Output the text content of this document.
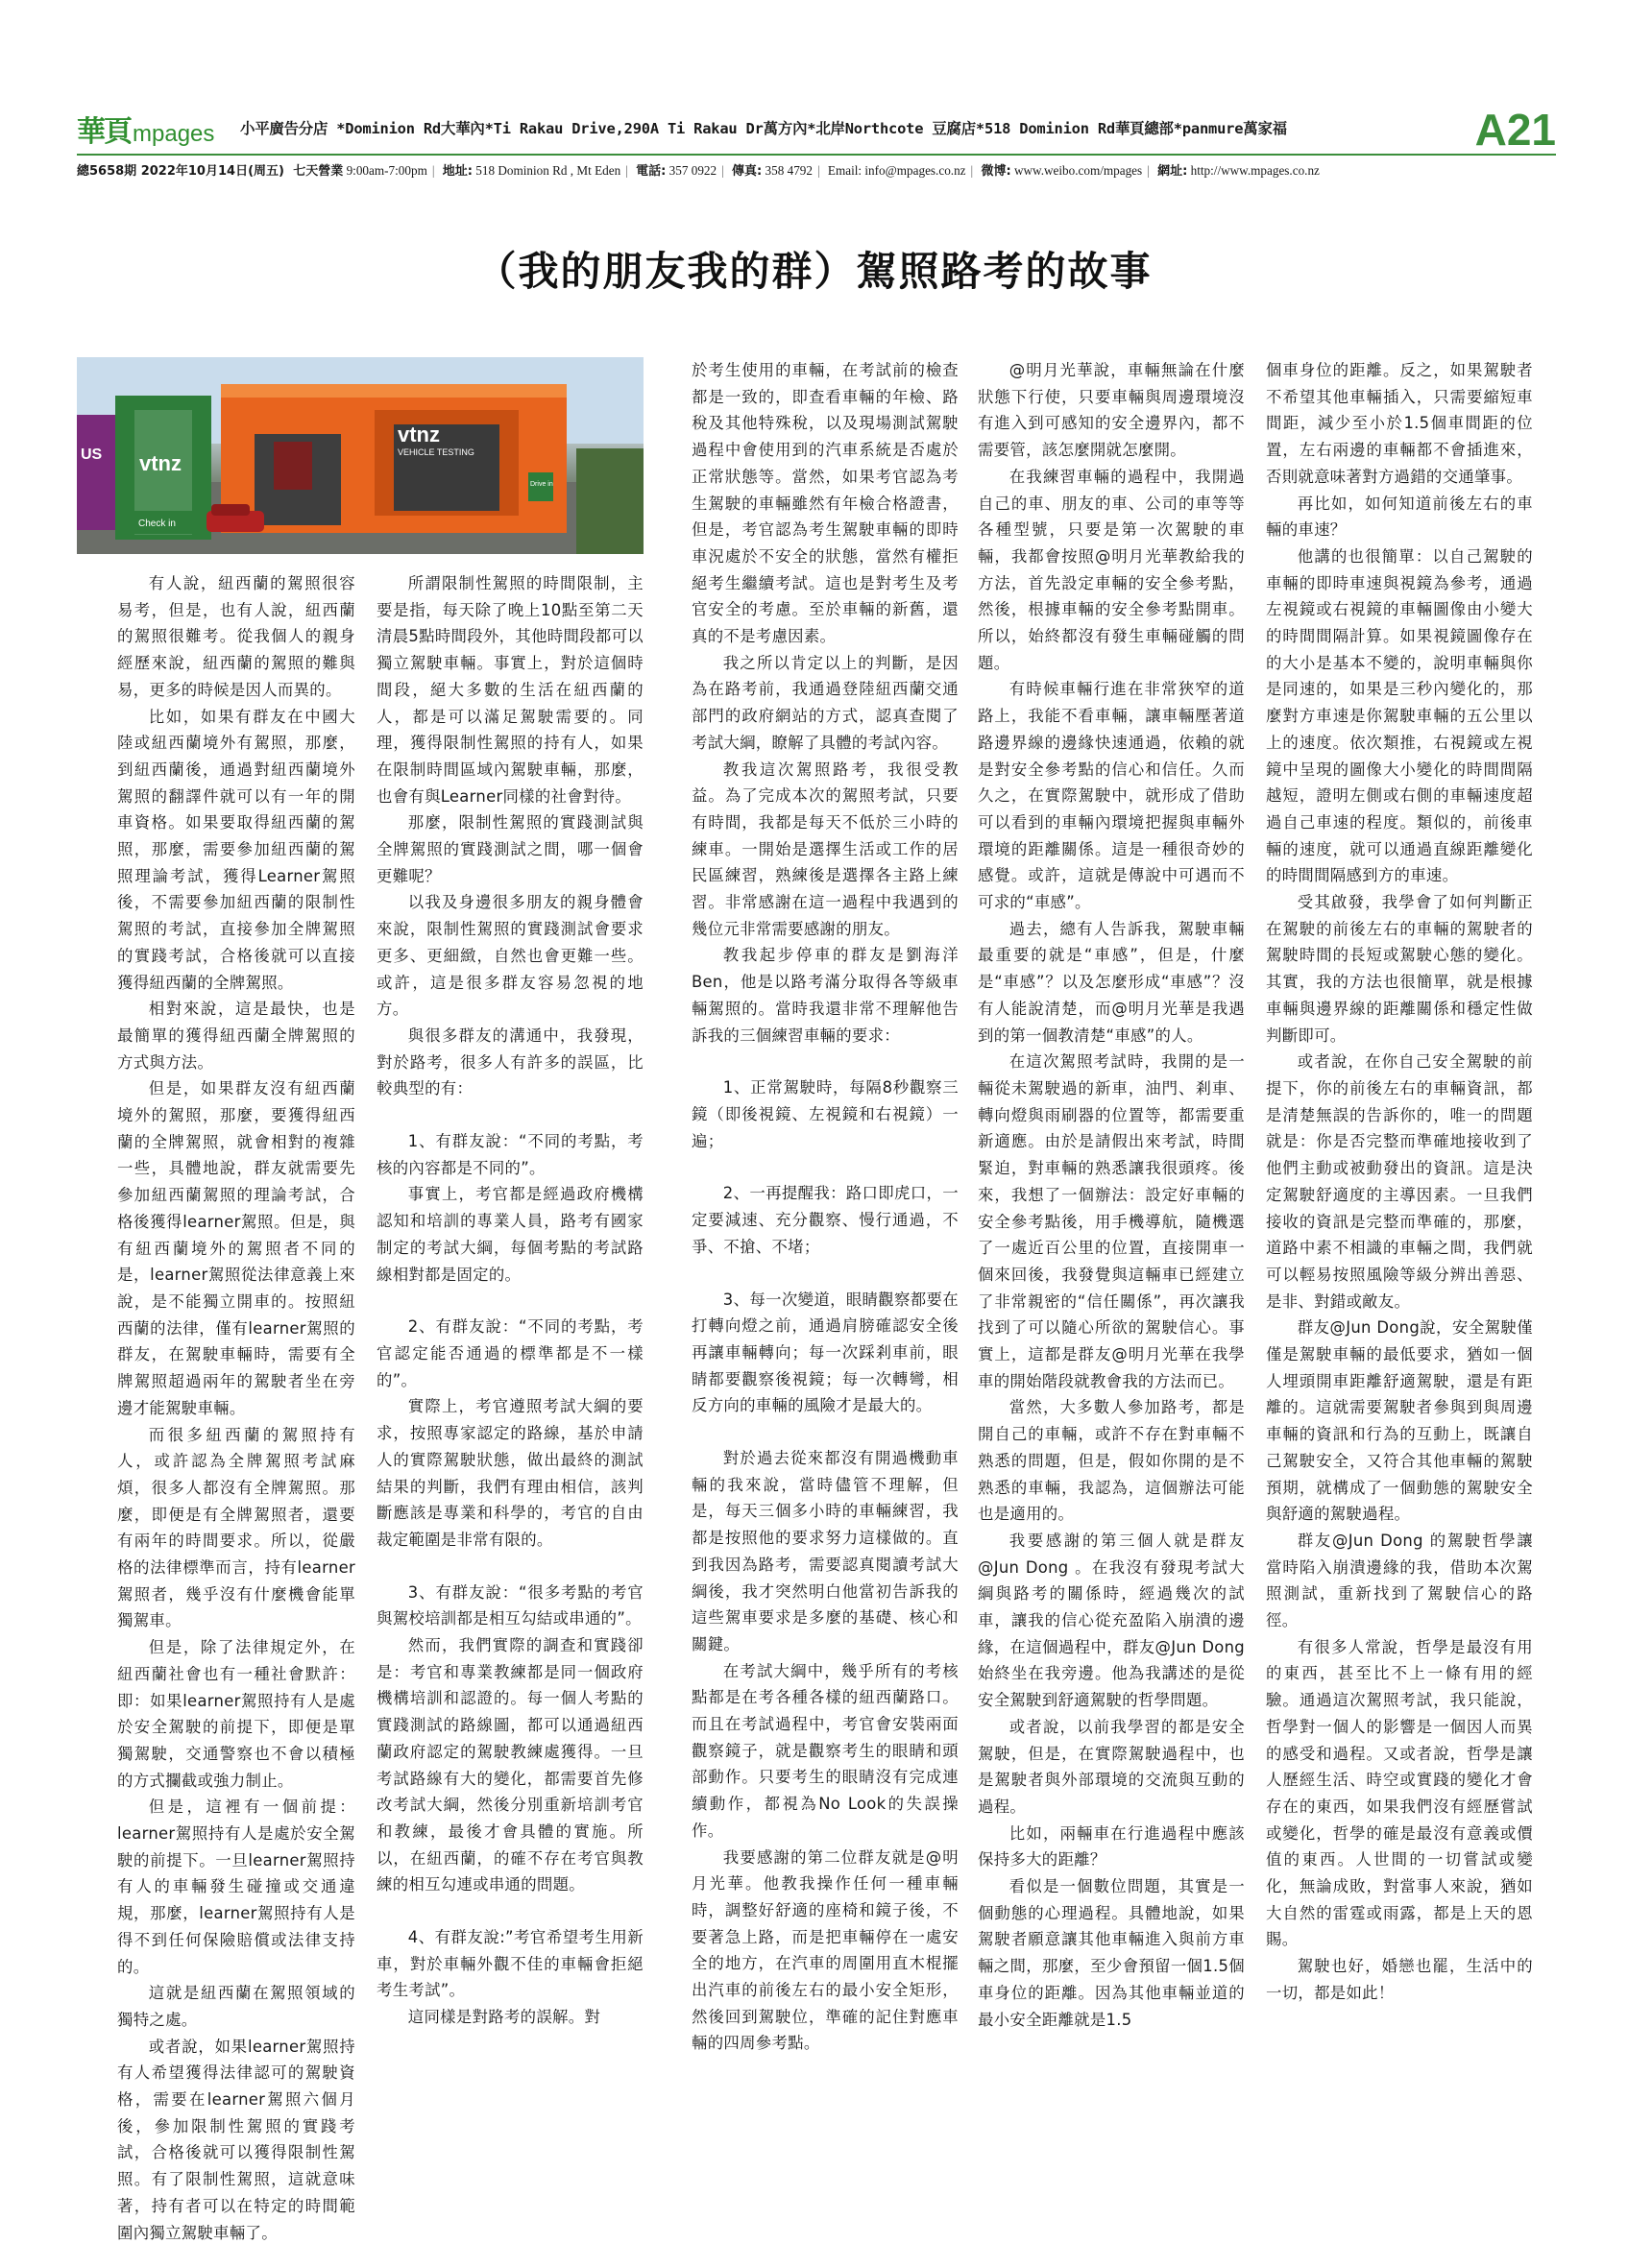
華頁 mpages 小平廣告分店 *Dominion Rd大華內*Ti Rakau Drive,290A Ti Rakau Dr萬方內*北岸Northcote 豆腐店*518 Dominion Rd華頁總部*panmure萬家福	A21
總5658期 2022年10月14日(周五) 七天營業 9:00am-7:00pm | 地址: 518 Dominion Rd , Mt Eden | 電話: 357 0922 | 傳真: 358 4792 | Email: info@mpages.co.nz | 微博: www.weibo.com/mpages | 網址: http://www.mpages.co.nz
（我的朋友我的群）駕照路考的故事
vtnz
US
vtnz
VEHICLE TESTING
Drive in
Check in

有人說，紐西蘭的駕照很容易考，但是，也有人說，紐西蘭的駕照很難考。從我個人的親身經歷來說，紐西蘭的駕照的難與易，更多的時候是因人而異的。

比如，如果有群友在中國大陸或紐西蘭境外有駕照，那麼，到紐西蘭後，通過對紐西蘭境外駕照的翻譯件就可以有一年的開車資格。如果要取得紐西蘭的駕照，那麼，需要參加紐西蘭的駕照理論考試，獲得Learner駕照後，不需要參加紐西蘭的限制性駕照的考試，直接參加全牌駕照的實踐考試，合格後就可以直接獲得紐西蘭的全牌駕照。

相對來說，這是最快，也是最簡單的獲得紐西蘭全牌駕照的方式與方法。

但是，如果群友沒有紐西蘭境外的駕照，那麼，要獲得紐西蘭的全牌駕照，就會相對的複雜一些，具體地說，群友就需要先參加紐西蘭駕照的理論考試，合格後獲得learner駕照。但是，與有紐西蘭境外的駕照者不同的是，learner駕照從法律意義上來說，是不能獨立開車的。按照紐西蘭的法律，僅有learner駕照的群友，在駕駛車輛時，需要有全牌駕照超過兩年的駕駛者坐在旁邊才能駕駛車輛。

而很多紐西蘭的駕照持有人，或許認為全牌駕照考試麻煩，很多人都沒有全牌駕照。那麼，即便是有全牌駕照者，還要有兩年的時間要求。所以，從嚴格的法律標準而言，持有learner駕照者，幾乎沒有什麼機會能單獨駕車。

但是，除了法律規定外，在紐西蘭社會也有一種社會默許：即：如果learner駕照持有人是處於安全駕駛的前提下，即便是單獨駕駛，交通警察也不會以積極的方式攔截或強力制止。

但是，這裡有一個前提：learner駕照持有人是處於安全駕駛的前提下。一旦learner駕照持有人的車輛發生碰撞或交通違規，那麼，learner駕照持有人是得不到任何保險賠償或法律支持的。

這就是紐西蘭在駕照領域的獨特之處。

或者說，如果learner駕照持有人希望獲得法律認可的駕駛資格，需要在learner駕照六個月後，參加限制性駕照的實踐考試，合格後就可以獲得限制性駕照。有了限制性駕照，這就意味著，持有者可以在特定的時間範圍內獨立駕駛車輛了。

所謂限制性駕照的時間限制，主要是指，每天除了晚上10點至第二天清晨5點時間段外，其他時間段都可以獨立駕駛車輛。事實上，對於這個時間段，絕大多數的生活在紐西蘭的人，都是可以滿足駕駛需要的。同理，獲得限制性駕照的持有人，如果在限制時間區域內駕駛車輛，那麼，也會有與Learner同樣的社會對待。

那麼，限制性駕照的實踐測試與全牌駕照的實踐測試之間，哪一個會更難呢？

以我及身邊很多朋友的親身體會來說，限制性駕照的實踐測試會要求更多、更細緻，自然也會更難一些。或許，這是很多群友容易忽視的地方。

與很多群友的溝通中，我發現，對於路考，很多人有許多的誤區，比較典型的有：

1、有群友說：“不同的考點，考核的內容都是不同的”。

事實上，考官都是經過政府機構認知和培訓的專業人員，路考有國家制定的考試大綱，每個考點的考試路線相對都是固定的。

2、有群友說：“不同的考點，考官認定能否通過的標準都是不一樣的”。

實際上，考官遵照考試大綱的要求，按照專家認定的路線，基於申請人的實際駕駛狀態，做出最終的測試結果的判斷，我們有理由相信，該判斷應該是專業和科學的，考官的自由裁定範圍是非常有限的。

3、有群友說：“很多考點的考官與駕校培訓都是相互勾結或串通的”。

然而，我們實際的調查和實踐卻是：考官和專業教練都是同一個政府機構培訓和認證的。每一個人考點的實踐測試的路線圖，都可以通過紐西蘭政府認定的駕駛教練處獲得。一旦考試路線有大的變化，都需要首先修改考試大綱，然後分別重新培訓考官和教練，最後才會具體的實施。所以，在紐西蘭，的確不存在考官與教練的相互勾連或串通的問題。

4、有群友說:”考官希望考生用新車，對於車輛外觀不佳的車輛會拒絕考生考試”。

這同樣是對路考的誤解。對

於考生使用的車輛，在考試前的檢查都是一致的，即查看車輛的年檢、路稅及其他特殊稅，以及現場測試駕駛過程中會使用到的汽車系統是否處於正常狀態等。當然，如果考官認為考生駕駛的車輛雖然有年檢合格證書，但是，考官認為考生駕駛車輛的即時車況處於不安全的狀態，當然有權拒絕考生繼續考試。這也是對考生及考官安全的考慮。至於車輛的新舊，還真的不是考慮因素。

我之所以肯定以上的判斷，是因為在路考前，我通過登陸紐西蘭交通部門的政府網站的方式，認真查閱了考試大綱，瞭解了具體的考試內容。

教我這次駕照路考，我很受教益。為了完成本次的駕照考試，只要有時間，我都是每天不低於三小時的練車。一開始是選擇生活或工作的居民區練習，熟練後是選擇各主路上練習。非常感謝在這一過程中我遇到的幾位元非常需要感謝的朋友。

教我起步停車的群友是劉海洋Ben，他是以路考滿分取得各等級車輛駕照的。當時我還非常不理解他告訴我的三個練習車輛的要求：

1、正常駕駛時，每隔8秒觀察三鏡（即後視鏡、左視鏡和右視鏡）一遍；

2、一再提醒我：路口即虎口，一定要減速、充分觀察、慢行通過，不爭、不搶、不堵；

3、每一次變道，眼睛觀察都要在打轉向燈之前，通過肩膀確認安全後再讓車輛轉向；每一次踩剎車前，眼睛都要觀察後視鏡；每一次轉彎，相反方向的車輛的風險才是最大的。

對於過去從來都沒有開過機動車輛的我來說，當時儘管不理解，但是，每天三個多小時的車輛練習，我都是按照他的要求努力這樣做的。直到我因為路考，需要認真閱讀考試大綱後，我才突然明白他當初告訴我的這些駕車要求是多麼的基礎、核心和關鍵。

在考試大綱中，幾乎所有的考核點都是在考各種各樣的紐西蘭路口。而且在考試過程中，考官會安裝兩面觀察鏡子，就是觀察考生的眼睛和頭部動作。只要考生的眼睛沒有完成連續動作，都視為No Look的失誤操作。

我要感謝的第二位群友就是@明月光華。他教我操作任何一種車輛時，調整好舒適的座椅和鏡子後，不要著急上路，而是把車輛停在一處安全的地方，在汽車的周圍用直木棍擺出汽車的前後左右的最小安全矩形，然後回到駕駛位，準確的記住對應車輛的四周參考點。

@明月光華說，車輛無論在什麼狀態下行使，只要車輛與周邊環境沒有進入到可感知的安全邊界內，都不需要管，該怎麼開就怎麼開。

在我練習車輛的過程中，我開過自己的車、朋友的車、公司的車等等各種型號，只要是第一次駕駛的車輛，我都會按照@明月光華教給我的方法，首先設定車輛的安全參考點，然後，根據車輛的安全參考點開車。所以，始終都沒有發生車輛碰觸的問題。

有時候車輛行進在非常狹窄的道路上，我能不看車輛，讓車輛壓著道路邊界線的邊緣快速通過，依賴的就是對安全參考點的信心和信任。久而久之，在實際駕駛中，就形成了借助可以看到的車輛內環境把握與車輛外環境的距離關係。這是一種很奇妙的感覺。或許，這就是傳說中可遇而不可求的“車感”。

過去，總有人告訴我，駕駛車輛最重要的就是“車感”，但是，什麼是“車感”？以及怎麼形成“車感”？沒有人能說清楚，而@明月光華是我遇到的第一個教清楚“車感”的人。

在這次駕照考試時，我開的是一輛從未駕駛過的新車，油門、剎車、轉向燈與雨刷器的位置等，都需要重新適應。由於是請假出來考試，時間緊迫，對車輛的熟悉讓我很頭疼。後來，我想了一個辦法：設定好車輛的安全參考點後，用手機導航，隨機選了一處近百公里的位置，直接開車一個來回後，我發覺與這輛車已經建立了非常親密的“信任關係”，再次讓我找到了可以隨心所欲的駕駛信心。事實上，這都是群友@明月光華在我學車的開始階段就教會我的方法而已。

當然，大多數人參加路考，都是開自己的車輛，或許不存在對車輛不熟悉的問題，但是，假如你開的是不熟悉的車輛，我認為，這個辦法可能也是適用的。

我要感謝的第三個人就是群友@Jun Dong 。在我沒有發現考試大綱與路考的關係時，經過幾次的試車，讓我的信心從充盈陷入崩潰的邊緣，在這個過程中，群友@Jun Dong 始終坐在我旁邊。他為我講述的是從安全駕駛到舒適駕駛的哲學問題。

或者說，以前我學習的都是安全駕駛，但是，在實際駕駛過程中，也是駕駛者與外部環境的交流與互動的過程。

比如，兩輛車在行進過程中應該保持多大的距離？

看似是一個數位問題，其實是一個動態的心理過程。具體地說，如果駕駛者願意讓其他車輛進入與前方車輛之間，那麼，至少會預留一個1.5個車身位的距離。因為其他車輛並道的最小安全距離就是1.5

個車身位的距離。反之，如果駕駛者不希望其他車輛插入，只需要縮短車間距，減少至小於1.5個車間距的位置，左右兩邊的車輛都不會插進來，否則就意味著對方過錯的交通肇事。

再比如，如何知道前後左右的車輛的車速？

他講的也很簡單：以自己駕駛的車輛的即時車速與視鏡為參考，通過左視鏡或右視鏡的車輛圖像由小變大的時間間隔計算。如果視鏡圖像存在的大小是基本不變的，說明車輛與你是同速的，如果是三秒內變化的，那麼對方車速是你駕駛車輛的五公里以上的速度。依次類推，右視鏡或左視鏡中呈現的圖像大小變化的時間間隔越短，證明左側或右側的車輛速度超過自己車速的程度。類似的，前後車輛的速度，就可以通過直線距離變化的時間間隔感到方的車速。

受其啟發，我學會了如何判斷正在駕駛的前後左右的車輛的駕駛者的駕駛時間的長短或駕駛心態的變化。其實，我的方法也很簡單，就是根據車輛與邊界線的距離關係和穩定性做判斷即可。

或者說，在你自己安全駕駛的前提下，你的前後左右的車輛資訊，都是清楚無誤的告訴你的，唯一的問題就是：你是否完整而準確地接收到了他們主動或被動發出的資訊。這是決定駕駛舒適度的主導因素。一旦我們接收的資訊是完整而準確的，那麼，道路中素不相識的車輛之間，我們就可以輕易按照風險等級分辨出善惡、是非、對錯或敵友。

群友@Jun Dong說，安全駕駛僅僅是駕駛車輛的最低要求，猶如一個人埋頭開車距離舒適駕駛，還是有距離的。這就需要駕駛者參與到與周邊車輛的資訊和行為的互動上，既讓自己駕駛安全，又符合其他車輛的駕駛預期，就構成了一個動態的駕駛安全與舒適的駕駛過程。

群友@Jun Dong 的駕駛哲學讓當時陷入崩潰邊緣的我，借助本次駕照測試，重新找到了駕駛信心的路徑。

有很多人常說，哲學是最沒有用的東西，甚至比不上一條有用的經驗。通過這次駕照考試，我只能說，哲學對一個人的影響是一個因人而異的感受和過程。又或者說，哲學是讓人歷經生活、時空或實踐的變化才會存在的東西，如果我們沒有經歷嘗試或變化，哲學的確是最沒有意義或價值的東西。人世間的一切嘗試或變化，無論成敗，對當事人來說，猶如大自然的雷霆或雨露，都是上天的恩賜。

駕駛也好，婚戀也罷，生活中的一切，都是如此！
